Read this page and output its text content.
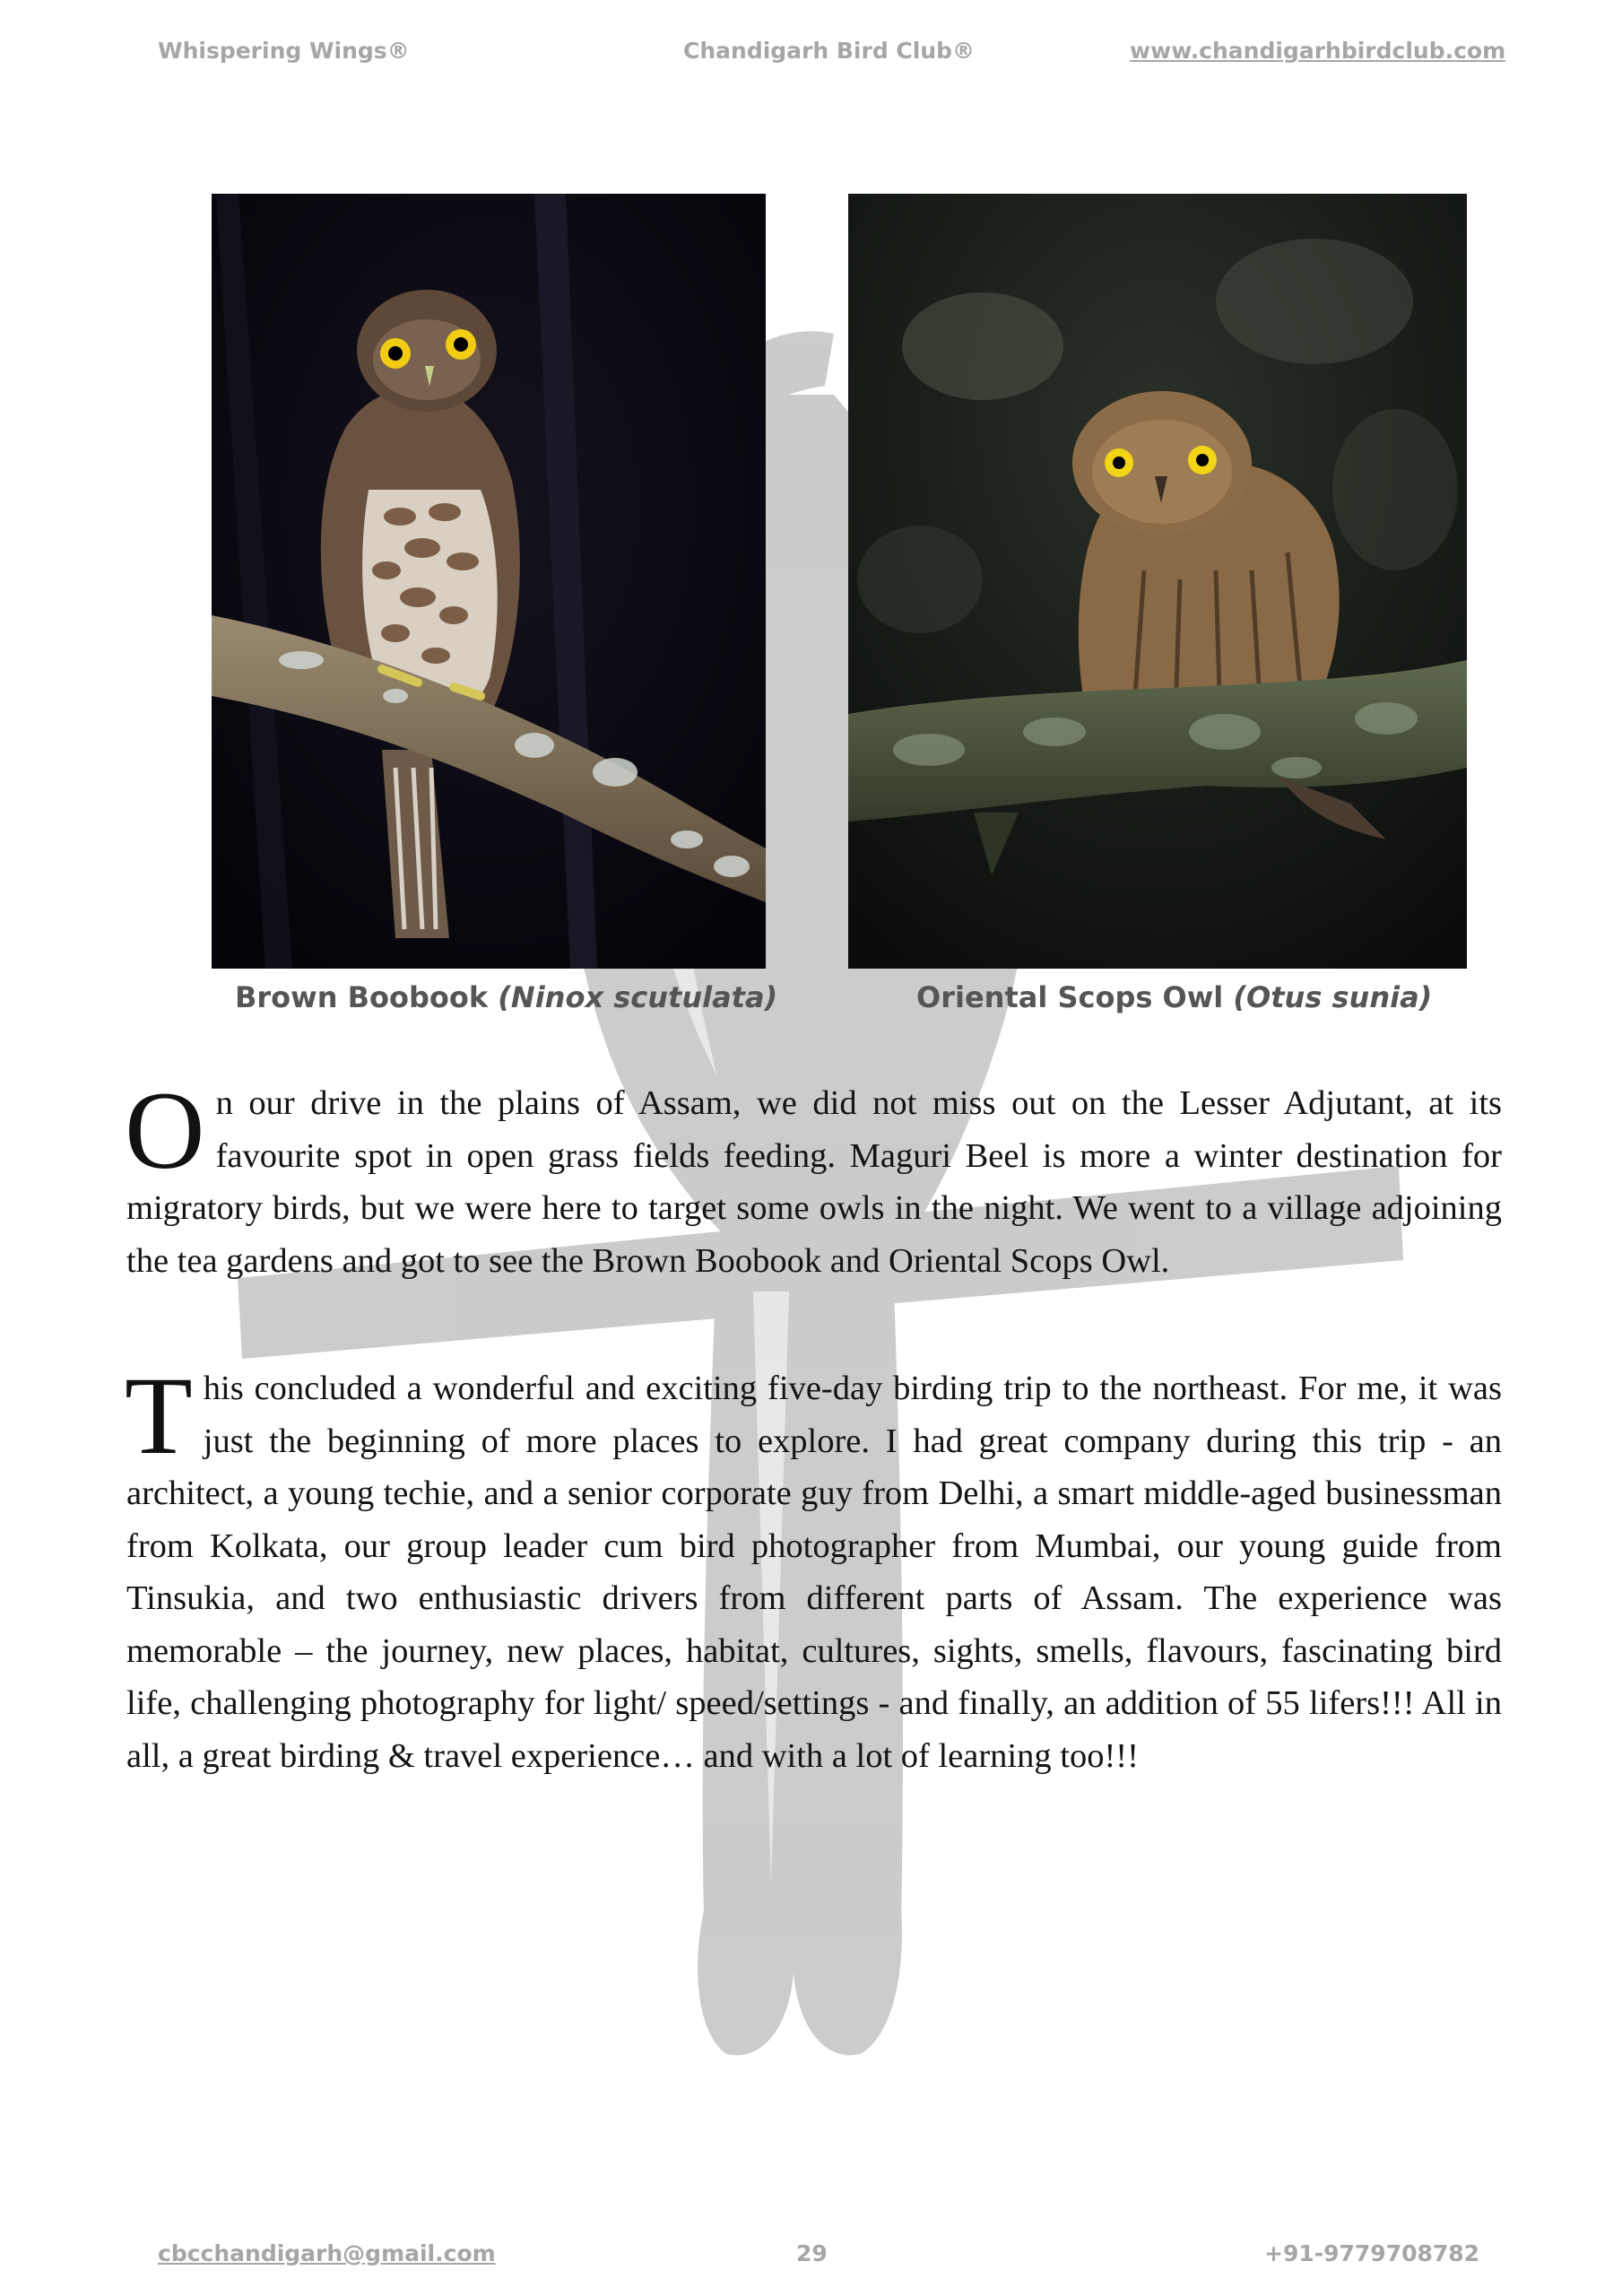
Whispering Wings®	Chandigarh Bird Club®	www.chandigarhbirdclub.com
Brown Boobook (Ninox scutulata)	Oriental Scops Owl (Otus sunia)

On our drive in the plains of Assam, we did not miss out on the Lesser Adjutant, at its favourite spot in open grass fields feeding. Maguri Beel is more a winter destination for migratory birds, but we were here to target some owls in the night. We went to a village adjoining the tea gardens and got to see the Brown Boobook and Oriental Scops Owl.

This concluded a wonderful and exciting five-day birding trip to the northeast. For me, it was just the beginning of more places to explore. I had great company during this trip - an architect, a young techie, and a senior corporate guy from Delhi, a smart middle-aged businessman from Kolkata, our group leader cum bird photographer from Mumbai, our young guide from Tinsukia, and two enthusiastic drivers from different parts of Assam. The experience was memorable – the journey, new places, habitat, cultures, sights, smells, flavours, fascinating bird life, challenging photography for light/ speed/settings - and finally, an addition of 55 lifers!!! All in all, a great birding & travel experience… and with a lot of learning too!!!

cbcchandigarh@gmail.com	29	+91-9779708782
